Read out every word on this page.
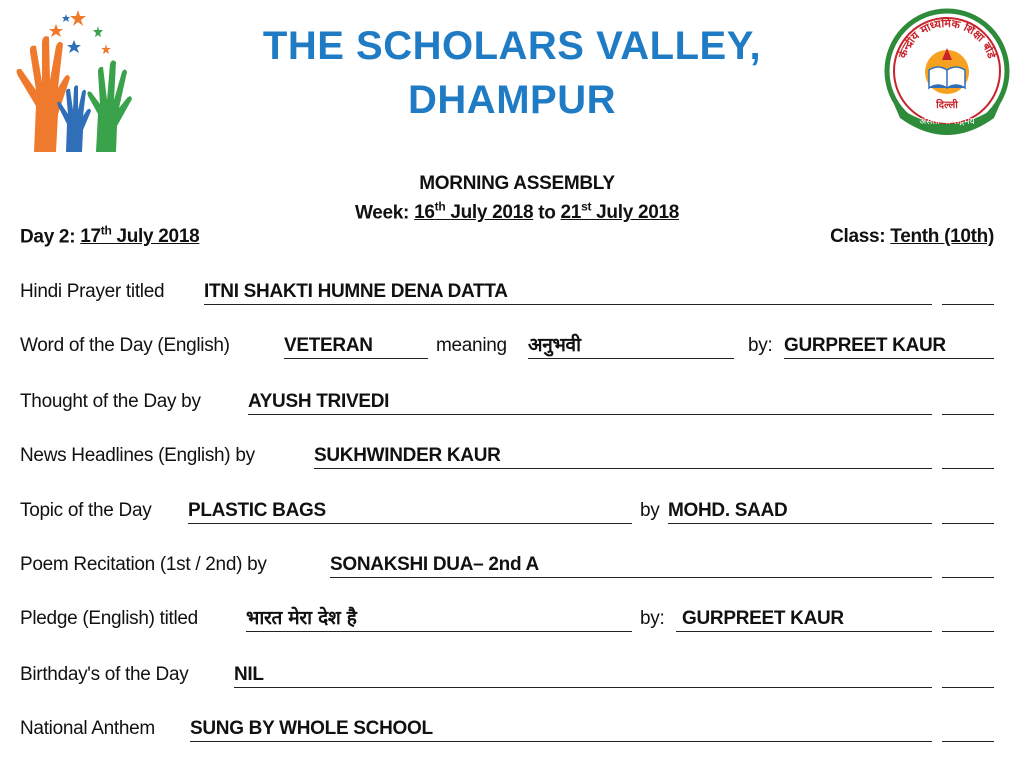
THE SCHOLARS VALLEY,
DHAMPUR
केन्द्रीय माध्यमिक शिक्षा बोर्ड
दिल्ली
असतो मा सद्गमय
MORNING ASSEMBLY
Week: 16th July 2018 to 21st July 2018
Day 2: 17th July 2018	Class: Tenth (10th)
Hindi Prayer titled ITNI SHAKTI HUMNE DENA DATTA
Word of the Day (English)	VETERAN	meaning अनुभवी	by: GURPREET KAUR
Thought of the Day by AYUSH TRIVEDI
News Headlines (English) by	SUKHWINDER KAUR
Topic of the Day PLASTIC BAGS	by MOHD. SAAD
Poem Recitation (1st / 2nd) by	SONAKSHI DUA– 2nd A
Pledge (English) titled	भारत मेरा देश है	by: GURPREET KAUR
Birthday's of the Day NIL
National Anthem SUNG BY WHOLE SCHOOL
